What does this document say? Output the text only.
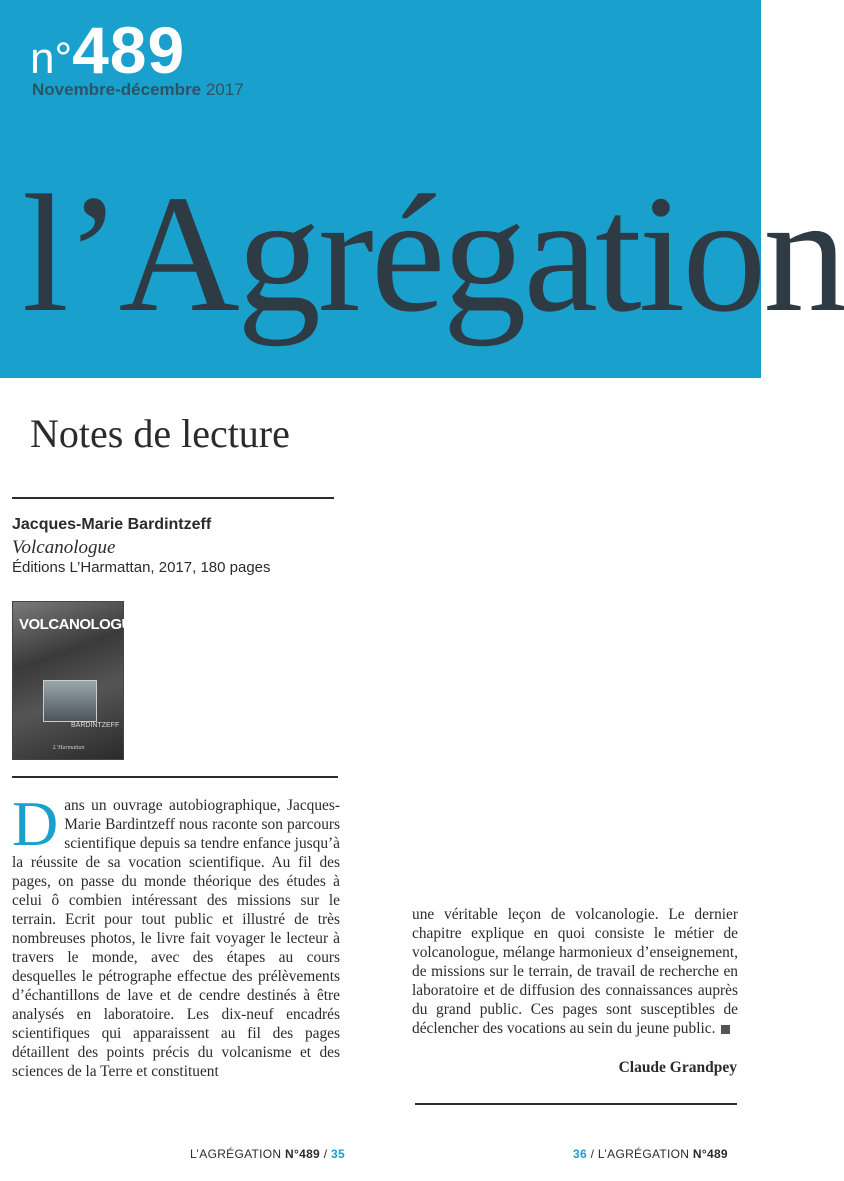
n°489
Novembre-décembre 2017
l’Agrégation
Notes de lecture
Jacques-Marie Bardintzeff
Volcanologue
Éditions L’Harmattan, 2017, 180 pages
VOLCANOLOGUE
BARDINTZEFF
L’Harmattan
Dans un ouvrage autobiographique, Jacques-Marie Bardintzeff nous raconte son parcours scientifique depuis sa tendre enfance jusqu’à la réussite de sa vocation scientifique. Au fil des pages, on passe du monde théorique des études à celui ô combien intéressant des missions sur le terrain. Ecrit pour tout public et illustré de très nombreuses photos, le livre fait voyager le lecteur à travers le monde, avec des étapes au cours desquelles le pétrographe effectue des prélèvements d’échantillons de lave et de cendre destinés à être analysés en laboratoire. Les dix-neuf encadrés scientifiques qui apparaissent au fil des pages détaillent des points précis du volcanisme et des sciences de la Terre et constituent
une véritable leçon de volcanologie. Le dernier chapitre explique en quoi consiste le métier de volcanologue, mélange harmonieux d’enseignement, de missions sur le terrain, de travail de recherche en laboratoire et de diffusion des connaissances auprès du grand public. Ces pages sont susceptibles de déclencher des vocations au sein du jeune public.
Claude Grandpey
L’AGRÉGATION N°489 / 35	36 / L’AGRÉGATION N°489
